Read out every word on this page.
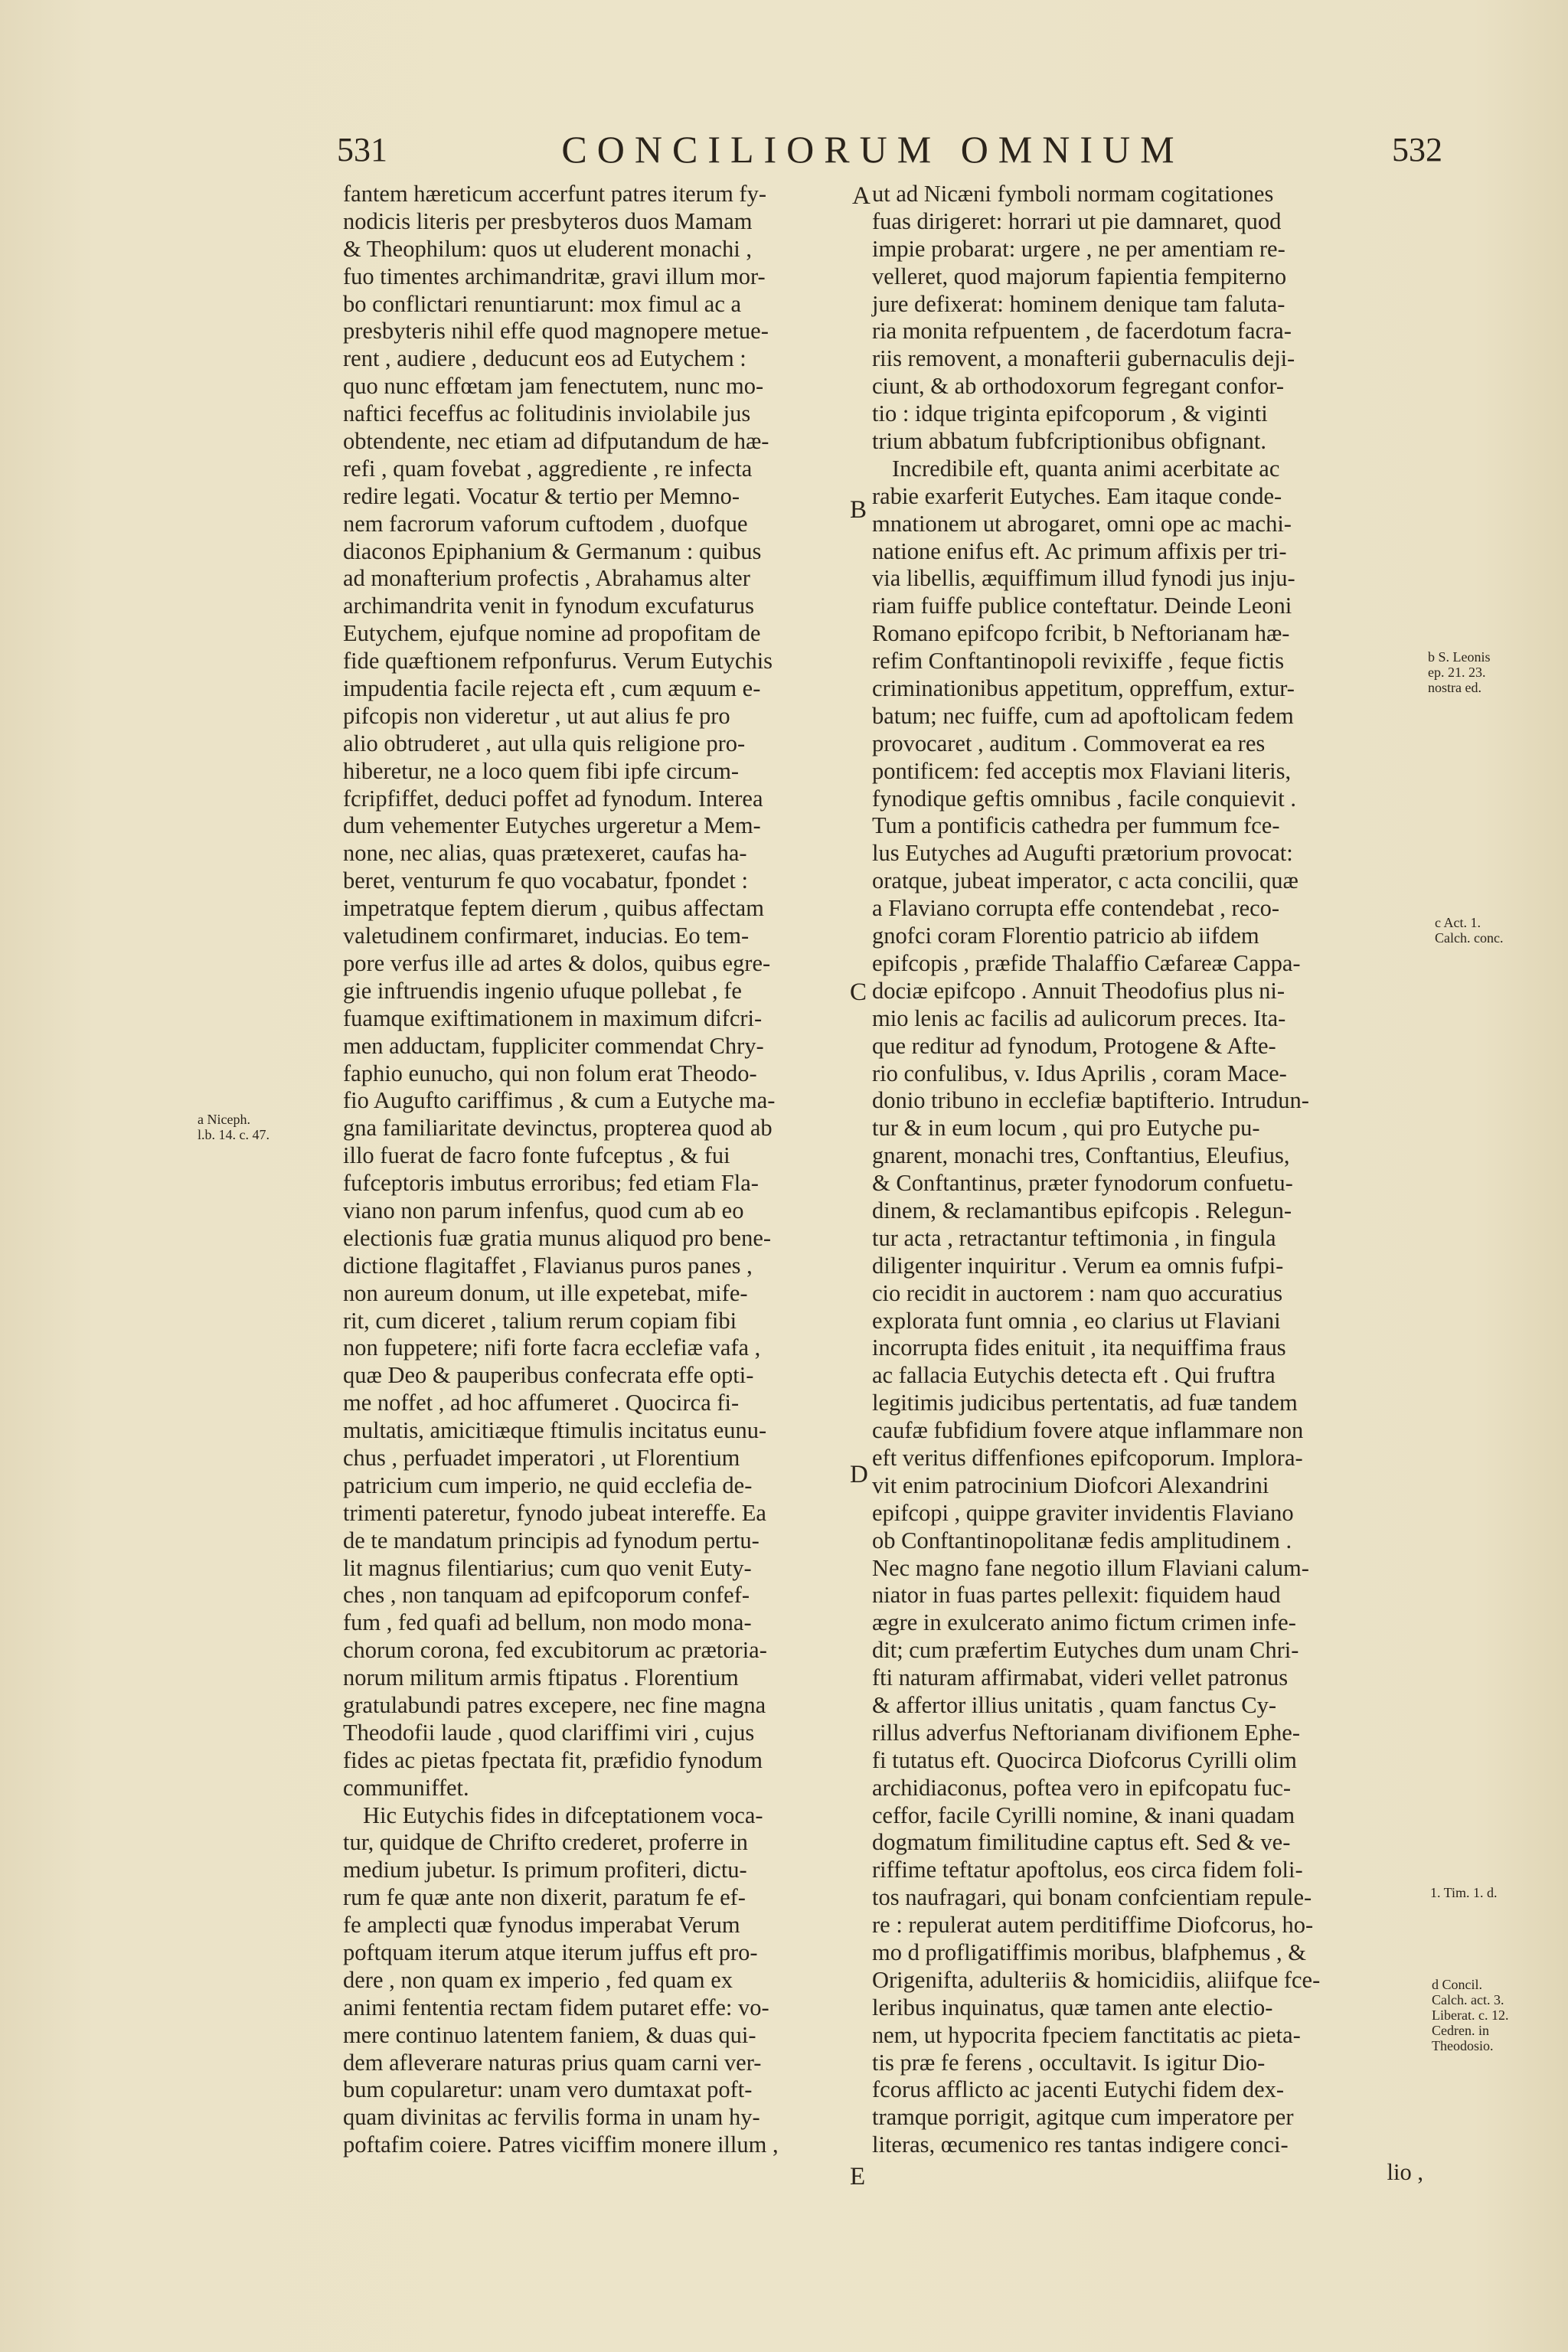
531	CONCILIORUM OMNIUM	532
fantem hæreticum accerfunt patres iterum fy-
nodicis literis per presbyteros duos Mamam
& Theophilum: quos ut eluderent monachi ,
fuo timentes archimandritæ, gravi illum mor-
bo conflictari renuntiarunt: mox fimul ac a
presbyteris nihil effe quod magnopere metue-
rent , audiere , deducunt eos ad Eutychem :
quo nunc effœtam jam fenectutem, nunc mo-
naftici feceffus ac folitudinis inviolabile jus
obtendente, nec etiam ad difputandum de hæ-
refi , quam fovebat , aggrediente , re infecta
redire legati. Vocatur & tertio per Memno-
nem facrorum vaforum cuftodem , duofque
diaconos Epiphanium & Germanum : quibus
ad monafterium profectis , Abrahamus alter
archimandrita venit in fynodum excufaturus
Eutychem, ejufque nomine ad propofitam de
fide quæftionem refponfurus. Verum Eutychis
impudentia facile rejecta eft , cum æquum e-
pifcopis non videretur , ut aut alius fe pro
alio obtruderet , aut ulla quis religione pro-
hiberetur, ne a loco quem fibi ipfe circum-
fcripfiffet, deduci poffet ad fynodum. Interea
dum vehementer Eutyches urgeretur a Mem-
none, nec alias, quas prætexeret, caufas ha-
beret, venturum fe quo vocabatur, fpondet :
impetratque feptem dierum , quibus affectam
valetudinem confirmaret, inducias. Eo tem-
pore verfus ille ad artes & dolos, quibus egre-
gie inftruendis ingenio ufuque pollebat , fe
fuamque exiftimationem in maximum difcri-
men adductam, fuppliciter commendat Chry-
faphio eunucho, qui non folum erat Theodo-
fio Augufto cariffimus , & cum a Eutyche ma-
gna familiaritate devinctus, propterea quod ab
illo fuerat de facro fonte fufceptus , & fui
fufceptoris imbutus erroribus; fed etiam Fla-
viano non parum infenfus, quod cum ab eo
electionis fuæ gratia munus aliquod pro bene-
dictione flagitaffet , Flavianus puros panes ,
non aureum donum, ut ille expetebat, mife-
rit, cum diceret , talium rerum copiam fibi
non fuppetere; nifi forte facra ecclefiæ vafa ,
quæ Deo & pauperibus confecrata effe opti-
me noffet , ad hoc affumeret . Quocirca fi-
multatis, amicitiæque ftimulis incitatus eunu-
chus , perfuadet imperatori , ut Florentium
patricium cum imperio, ne quid ecclefia de-
trimenti pateretur, fynodo jubeat intereffe. Ea
de te mandatum principis ad fynodum pertu-
lit magnus filentiarius; cum quo venit Euty-
ches , non tanquam ad epifcoporum confef-
fum , fed quafi ad bellum, non modo mona-
chorum corona, fed excubitorum ac prætoria-
norum militum armis ftipatus . Florentium
gratulabundi patres excepere, nec fine magna
Theodofii laude , quod clariffimi viri , cujus
fides ac pietas fpectata fit, præfidio fynodum
communiffet.
Hic Eutychis fides in difceptationem voca-
tur, quidque de Chrifto crederet, proferre in
medium jubetur. Is primum profiteri, dictu-
rum fe quæ ante non dixerit, paratum fe ef-
fe amplecti quæ fynodus imperabat Verum
poftquam iterum atque iterum juffus eft pro-
dere , non quam ex imperio , fed quam ex
animi fententia rectam fidem putaret effe: vo-
mere continuo latentem faniem, & duas qui-
dem afleverare naturas prius quam carni ver-
bum copularetur: unam vero dumtaxat poft-
quam divinitas ac fervilis forma in unam hy-
poftafim coiere. Patres viciffim monere illum ,
ut ad Nicæni fymboli normam cogitationes
fuas dirigeret: horrari ut pie damnaret, quod
impie probarat: urgere , ne per amentiam re-
velleret, quod majorum fapientia fempiterno
jure defixerat: hominem denique tam faluta-
ria monita refpuentem , de facerdotum facra-
riis removent, a monafterii gubernaculis deji-
ciunt, & ab orthodoxorum fegregant confor-
tio : idque triginta epifcoporum , & viginti
trium abbatum fubfcriptionibus obfignant.
Incredibile eft, quanta animi acerbitate ac
rabie exarferit Eutyches. Eam itaque conde-
mnationem ut abrogaret, omni ope ac machi-
natione enifus eft. Ac primum affixis per tri-
via libellis, æquiffimum illud fynodi jus inju-
riam fuiffe publice conteftatur. Deinde Leoni
Romano epifcopo fcribit, b Neftorianam hæ-
refim Conftantinopoli revixiffe , feque fictis
criminationibus appetitum, oppreffum, extur-
batum; nec fuiffe, cum ad apoftolicam fedem
provocaret , auditum . Commoverat ea res
pontificem: fed acceptis mox Flaviani literis,
fynodique geftis omnibus , facile conquievit .
Tum a pontificis cathedra per fummum fce-
lus Eutyches ad Augufti prætorium provocat:
oratque, jubeat imperator, c acta concilii, quæ
a Flaviano corrupta effe contendebat , reco-
gnofci coram Florentio patricio ab iifdem
epifcopis , præfide Thalaffio Cæfareæ Cappa-
dociæ epifcopo . Annuit Theodofius plus ni-
mio lenis ac facilis ad aulicorum preces. Ita-
que reditur ad fynodum, Protogene & Afte-
rio confulibus, v. Idus Aprilis , coram Mace-
donio tribuno in ecclefiæ baptifterio. Intrudun-
tur & in eum locum , qui pro Eutyche pu-
gnarent, monachi tres, Conftantius, Eleufius,
& Conftantinus, præter fynodorum confuetu-
dinem, & reclamantibus epifcopis . Relegun-
tur acta , retractantur teftimonia , in fingula
diligenter inquiritur . Verum ea omnis fufpi-
cio recidit in auctorem : nam quo accuratius
explorata funt omnia , eo clarius ut Flaviani
incorrupta fides enituit , ita nequiffima fraus
ac fallacia Eutychis detecta eft . Qui fruftra
legitimis judicibus pertentatis, ad fuæ tandem
caufæ fubfidium fovere atque inflammare non
eft veritus diffenfiones epifcoporum. Implora-
vit enim patrocinium Diofcori Alexandrini
epifcopi , quippe graviter invidentis Flaviano
ob Conftantinopolitanæ fedis amplitudinem .
Nec magno fane negotio illum Flaviani calum-
niator in fuas partes pellexit: fiquidem haud
ægre in exulcerato animo fictum crimen infe-
dit; cum præfertim Eutyches dum unam Chri-
fti naturam affirmabat, videri vellet patronus
& affertor illius unitatis , quam fanctus Cy-
rillus adverfus Neftorianam divifionem Ephe-
fi tutatus eft. Quocirca Diofcorus Cyrilli olim
archidiaconus, poftea vero in epifcopatu fuc-
ceffor, facile Cyrilli nomine, & inani quadam
dogmatum fimilitudine captus eft. Sed & ve-
riffime teftatur apoftolus, eos circa fidem foli-
tos naufragari, qui bonam confcientiam repule-
re : repulerat autem perditiffime Diofcorus, ho-
mo d profligatiffimis moribus, blafphemus , &
Origenifta, adulteriis & homicidiis, aliifque fce-
leribus inquinatus, quæ tamen ante electio-
nem, ut hypocrita fpeciem fanctitatis ac pieta-
tis præ fe ferens , occultavit. Is igitur Dio-
fcorus afflicto ac jacenti Eutychi fidem dex-
tramque porrigit, agitque cum imperatore per
literas, œcumenico res tantas indigere conci-
lio ,
A
B
C
D
E
a Niceph.
l.b. 14. c. 47.
b S. Leonis
ep. 21. 23.
nostra ed.
c Act. 1.
Calch. conc.
1. Tim. 1. d.
d Concil.
Calch. act. 3.
Liberat. c. 12.
Cedren. in
Theodosio.
